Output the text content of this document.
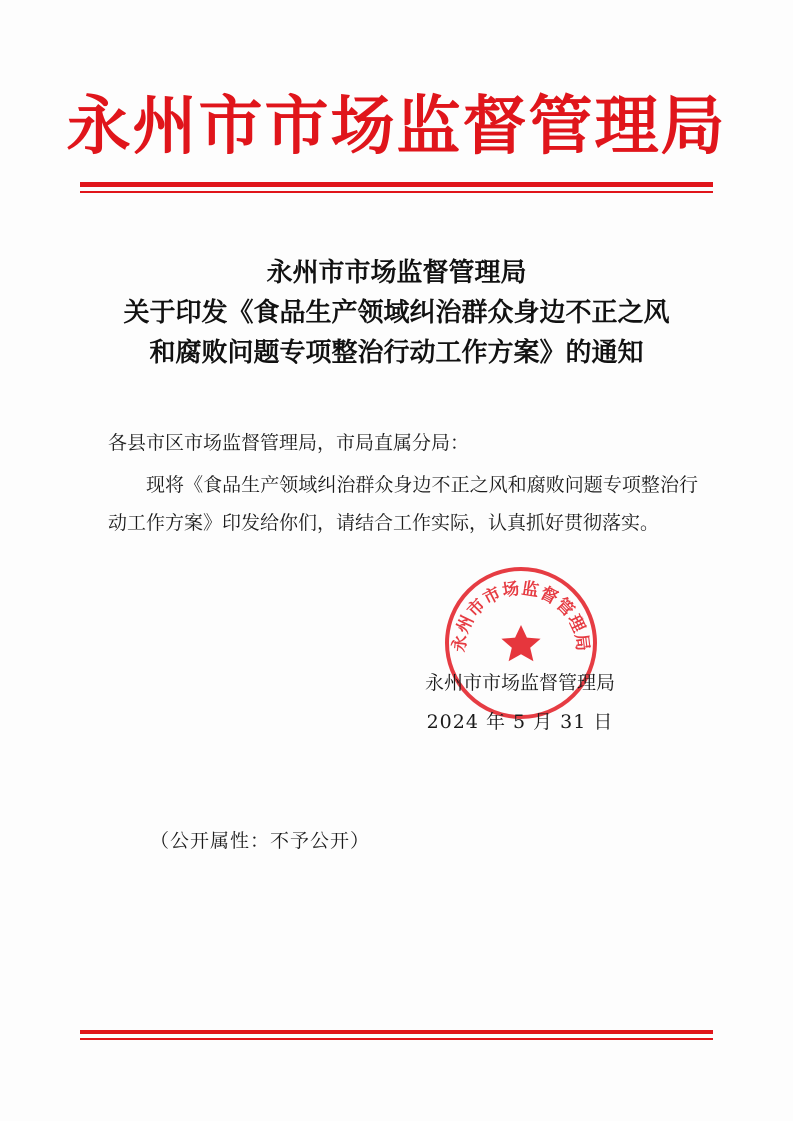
永州市市场监督管理局
永州市市场监督管理局
关于印发《食品生产领域纠治群众身边不正之风
和腐败问题专项整治行动工作方案》的通知
各县市区市场监督管理局，市局直属分局：
现将《食品生产领域纠治群众身边不正之风和腐败问题专项整治行动工作方案》印发给你们，请结合工作实际，认真抓好贯彻落实。
永州市市场监督管理局
永州市市场监督管理局
2024 年 5 月 31 日
（公开属性：不予公开）
